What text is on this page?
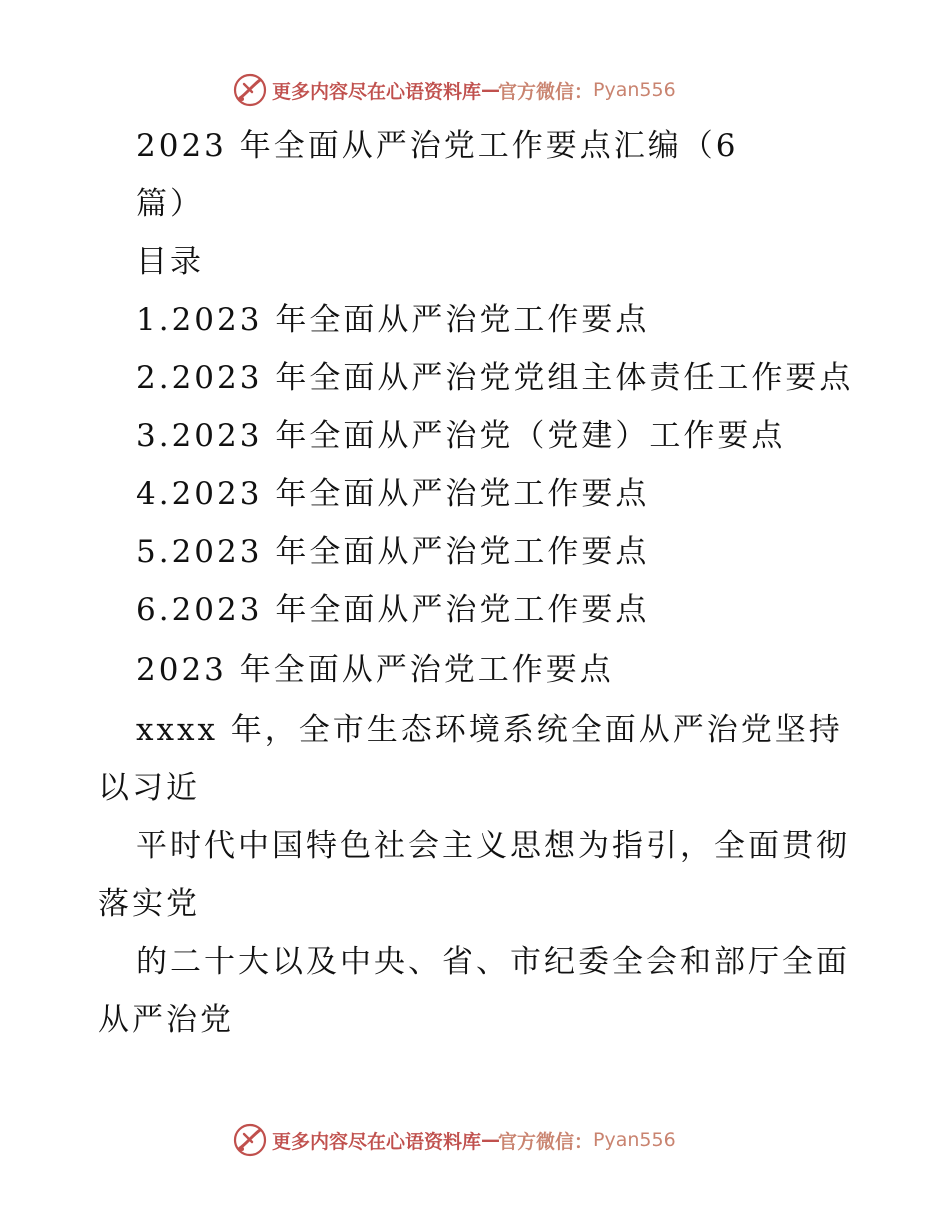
更多内容尽在心语资料库 — 官方微信： Pyan556
2023 年全面从严治党工作要点汇编（6
篇）
目录
1.2023 年全面从严治党工作要点
2.2023 年全面从严治党党组主体责任工作要点
3.2023 年全面从严治党（党建）工作要点
4.2023 年全面从严治党工作要点
5.2023 年全面从严治党工作要点
6.2023 年全面从严治党工作要点
2023 年全面从严治党工作要点
xxxx 年，全市生态环境系统全面从严治党坚持
以习近
平时代中国特色社会主义思想为指引，全面贯彻
落实党
的二十大以及中央、省、市纪委全会和部厅全面
从严治党
更多内容尽在心语资料库 — 官方微信： Pyan556
